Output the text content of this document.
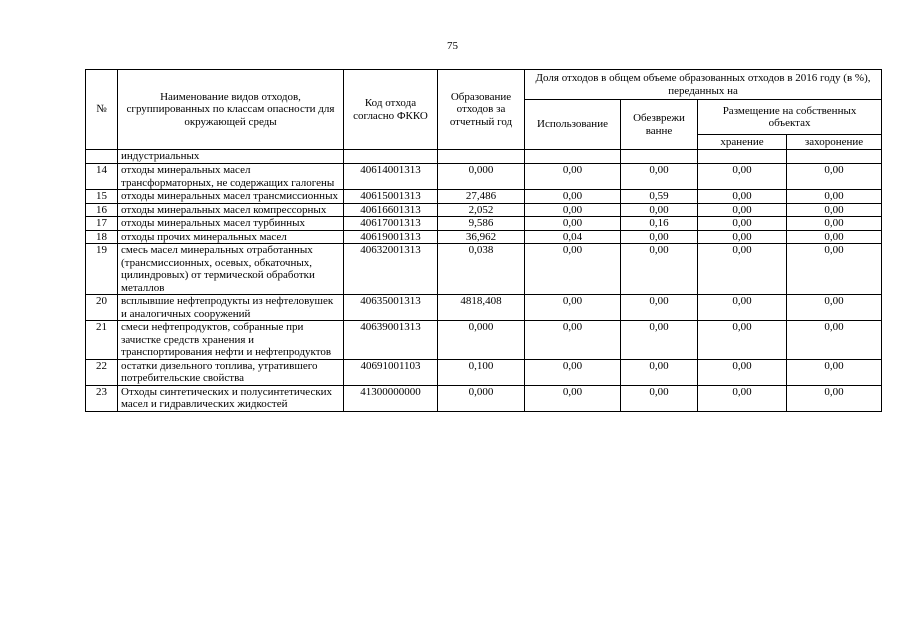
75
№	Наименование видов отходов, сгруппированных по классам опасности для окружающей среды	Код отхода согласно ФККО	Образование отходов за отчетный год	Доля отходов в общем объеме образованных отходов в 2016 году (в %), переданных на			
				Использование	Обезврежи ванне	Размещение на собственных объектах	
						хранение	захоронение
	индустриальных						
14	отходы минеральных масел трансформаторных, не содержащих галогены	40614001313	0,000	0,00	0,00	0,00	0,00
15	отходы минеральных масел трансмиссионных	40615001313	27,486	0,00	0,59	0,00	0,00
16	отходы минеральных масел компрессорных	40616601313	2,052	0,00	0,00	0,00	0,00
17	отходы минеральных масел турбинных	40617001313	9,586	0,00	0,16	0,00	0,00
18	отходы прочих минеральных масел	40619001313	36,962	0,04	0,00	0,00	0,00
19	смесь масел минеральных отработанных (трансмиссионных, осевых, обкаточных, цилиндровых) от термической обработки металлов	40632001313	0,038	0,00	0,00	0,00	0,00
20	всплывшие нефтепродукты из нефтеловушек и аналогичных сооружений	40635001313	4818,408	0,00	0,00	0,00	0,00
21	смеси нефтепродуктов, собранные при зачистке средств хранения и транспортирования нефти и нефтепродуктов	40639001313	0,000	0,00	0,00	0,00	0,00
22	остатки дизельного топлива, утратившего потребительские свойства	40691001103	0,100	0,00	0,00	0,00	0,00
23	Отходы синтетических и полусинтетических масел и гидравлических жидкостей	41300000000	0,000	0,00	0,00	0,00	0,00
